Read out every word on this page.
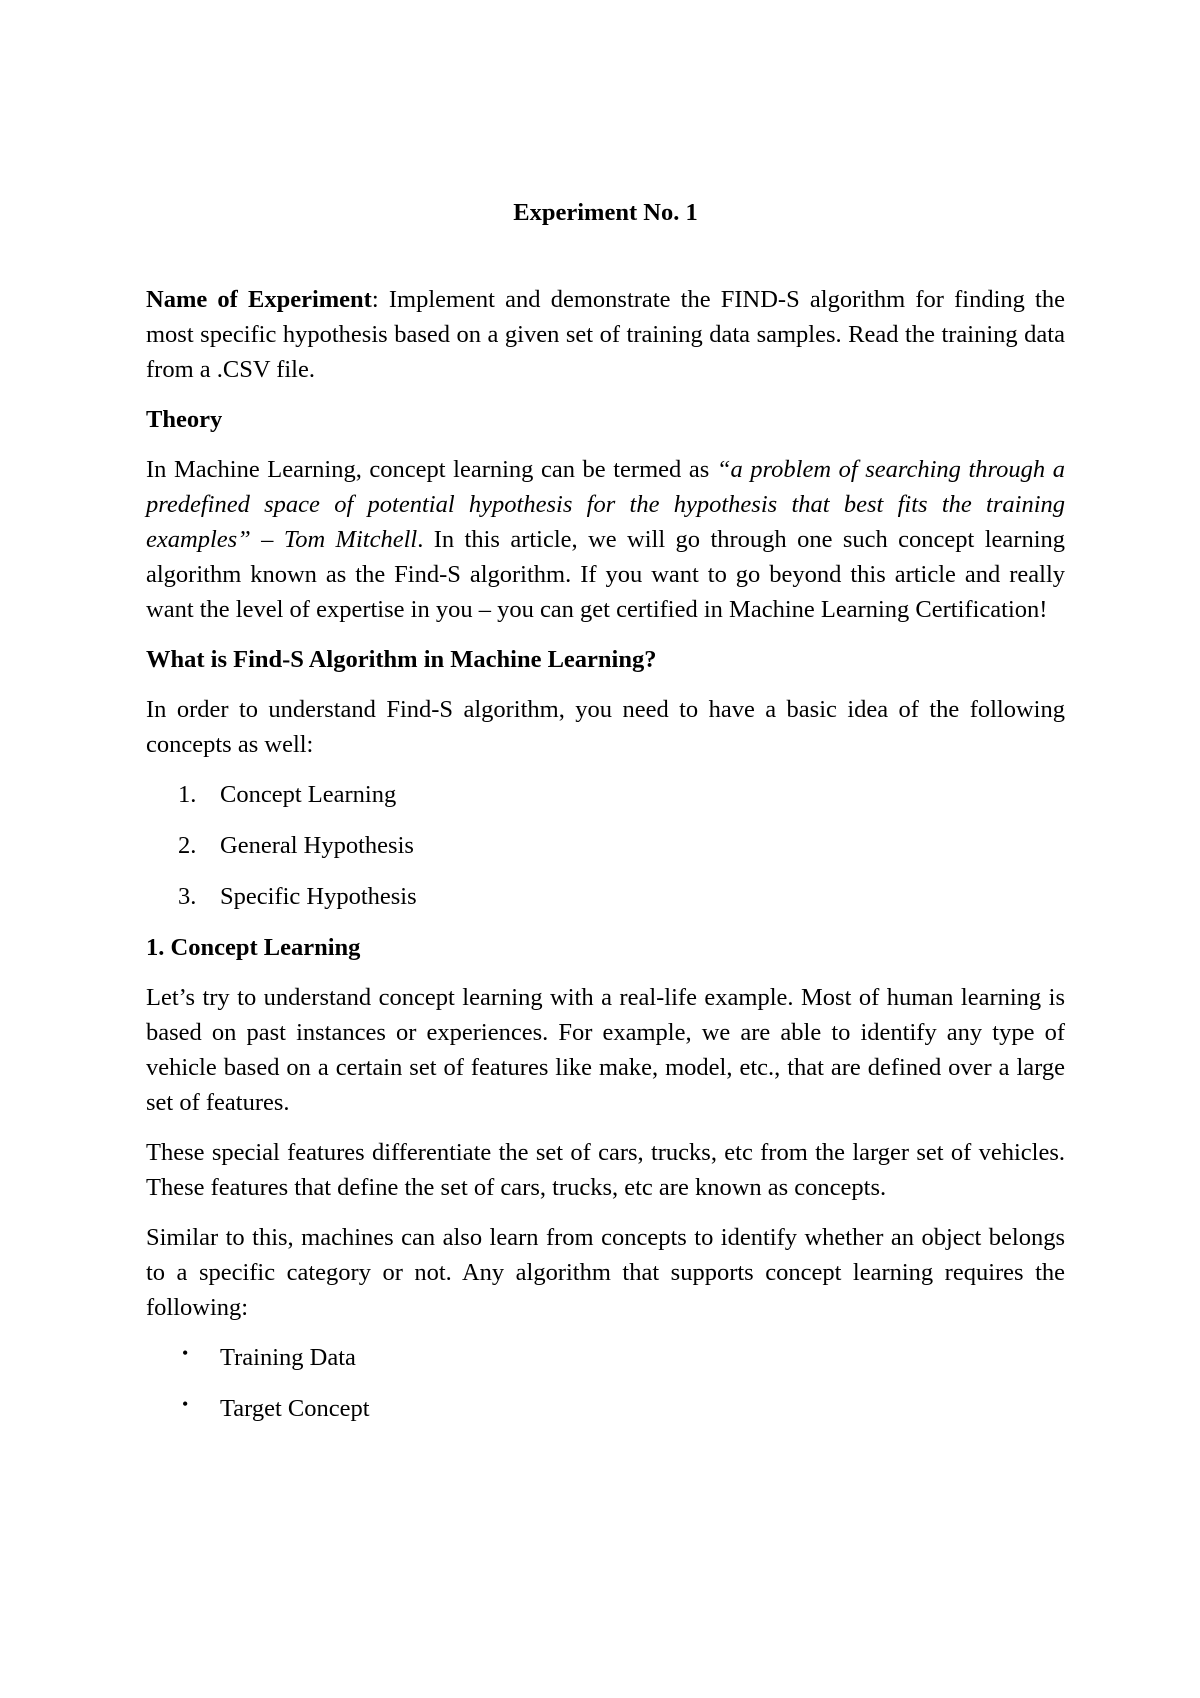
Experiment No. 1

Name of Experiment: Implement and demonstrate the FIND-S algorithm for finding the most specific hypothesis based on a given set of training data samples. Read the training data from a .CSV file.

Theory

In Machine Learning, concept learning can be termed as “a problem of searching through a predefined space of potential hypothesis for the hypothesis that best fits the training examples” – Tom Mitchell. In this article, we will go through one such concept learning algorithm known as the Find-S algorithm. If you want to go beyond this article and really want the level of expertise in you – you can get certified in Machine Learning Certification!

What is Find-S Algorithm in Machine Learning?

In order to understand Find-S algorithm, you need to have a basic idea of the following concepts as well:

1. Concept Learning
2. General Hypothesis
3. Specific Hypothesis
1. Concept Learning

Let’s try to understand concept learning with a real-life example. Most of human learning is based on past instances or experiences. For example, we are able to identify any type of vehicle based on a certain set of features like make, model, etc., that are defined over a large set of features.

These special features differentiate the set of cars, trucks, etc from the larger set of vehicles. These features that define the set of cars, trucks, etc are known as concepts.

Similar to this, machines can also learn from concepts to identify whether an object belongs to a specific category or not. Any algorithm that supports concept learning requires the following:

• Training Data
• Target Concept
